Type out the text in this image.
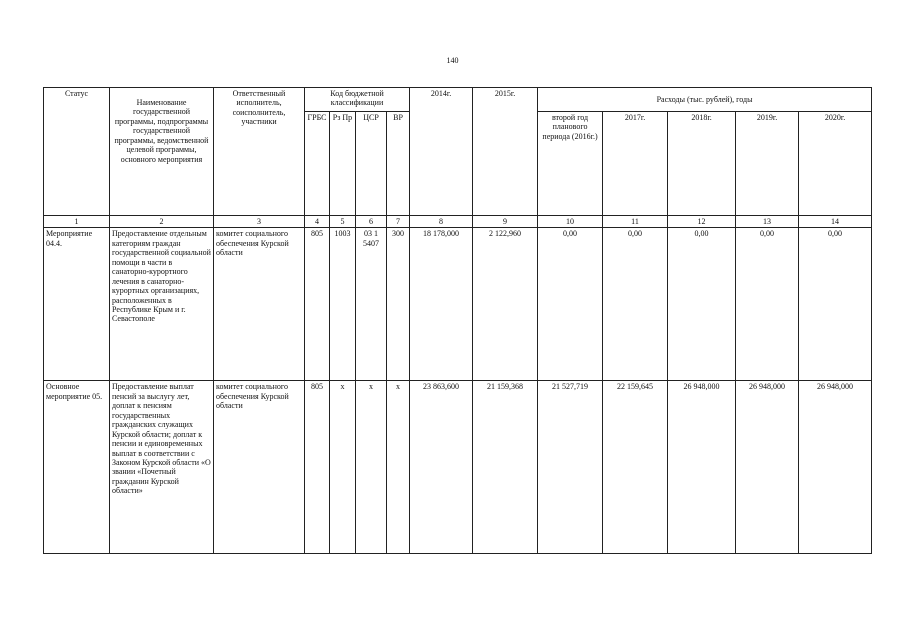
140
Статус	Наименование государственной программы, подпрограммы государственной программы, ведомственной целевой программы, основного мероприятия	Ответственный исполнитель, соисполнитель, участники	Код бюджетной классификации				2014г.	2015г.	Расходы (тыс. рублей), годы				
			ГРБС	Рз Пр	ЦСР	ВР			второй год планового периода (2016г.)	2017г.	2018г.	2019г.	2020г.
1	2	3	4	5	6	7	8	9	10	11	12	13	14
Мероприятие 04.4.	Предоставление отдельным категориям граждан государственной социальной помощи в части в санаторно-курортного лечения в санаторно-курортных организациях, расположенных в Республике Крым и г. Севастополе	комитет социального обеспечения Курской области	805	1003	03 1 5407	300	18 178,000	2 122,960	0,00	0,00	0,00	0,00	0,00
Основное мероприятие 05.	Предоставление выплат пенсий за выслугу лет, доплат к пенсиям государственных гражданских служащих Курской области; доплат к пенсии и единовременных выплат в соответствии с Законом Курской области «О звании «Почетный гражданин Курской области»	комитет социального обеспечения Курской области	805	x	x	x	23 863,600	21 159,368	21 527,719	22 159,645	26 948,000	26 948,000	26 948,000
